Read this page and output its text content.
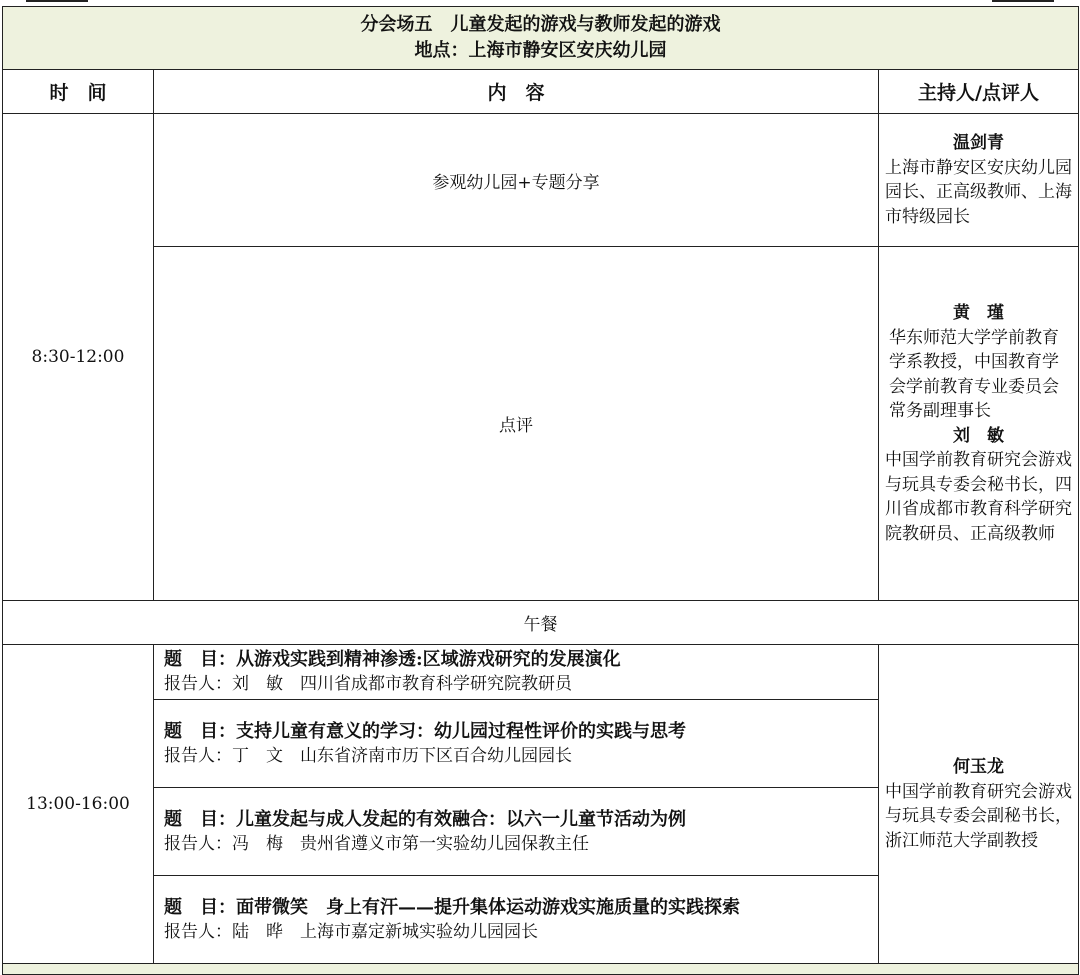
分会场五　儿童发起的游戏与教师发起的游戏
地点：上海市静安区安庆幼儿园		

时　间	内　容	主持人/点评人
8:30-12:00	参观幼儿园+专题分享	温剑青
上海市静安区安庆幼儿园园长、正高级教师、上海市特级园长

	点评	黄　瑾
华东师范大学学前教育学系教授，中国教育学会学前教育专业委员会常务副理事长
刘　敏
中国学前教育研究会游戏与玩具专委会秘书长，四川省成都市教育科学研究院教研员、正高级教师

午餐		
13:00-16:00	题　目：从游戏实践到精神渗透:区域游戏研究的发展演化
报告人：刘　敏　四川省成都市教育科学研究院教研员	何玉龙
中国学前教育研究会游戏与玩具专委会副秘书长，浙江师范大学副教授

	题　目：支持儿童有意义的学习：幼儿园过程性评价的实践与思考
报告人：丁　文　山东省济南市历下区百合幼儿园园长	

	题　目：儿童发起与成人发起的有效融合：以六一儿童节活动为例
报告人：冯　梅　贵州省遵义市第一实验幼儿园保教主任	

	题　目：面带微笑　身上有汗——提升集体运动游戏实施质量的实践探索
报告人：陆　晔　上海市嘉定新城实验幼儿园园长	
